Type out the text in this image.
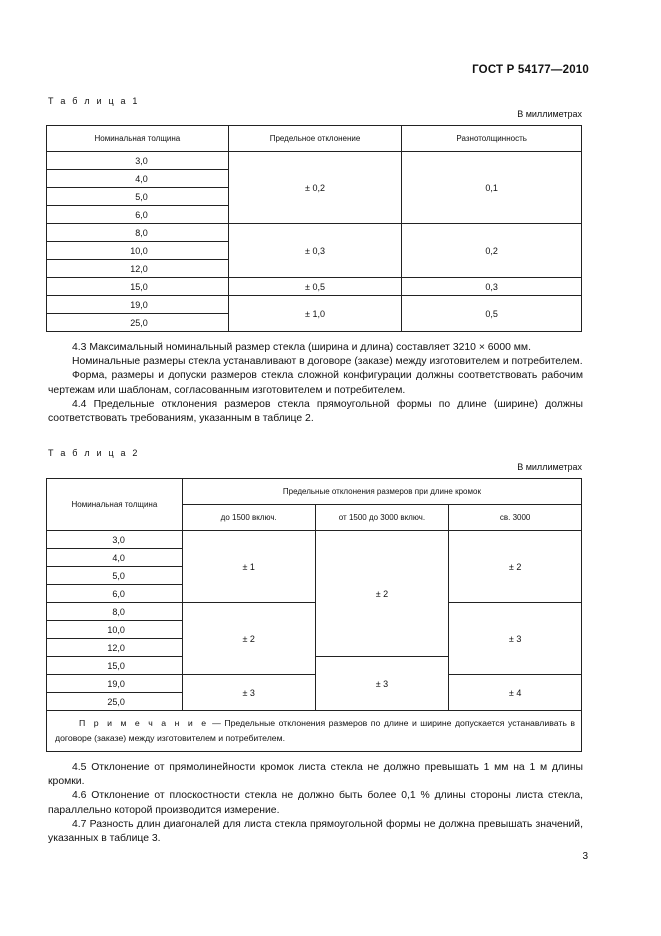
ГОСТ Р 54177—2010
Т а б л и ц а 1
В миллиметрах
Номинальная толщина	Предельное отклонение	Разнотолщинность
3,0	± 0,2	0,1
4,0		
5,0		
6,0		
8,0	± 0,3	0,2
10,0		
12,0		
15,0	± 0,5	0,3
19,0	± 1,0	0,5
25,0		

4.3 Максимальный номинальный размер стекла (ширина и длина) составляет 3210 × 6000 мм.

Номинальные размеры стекла устанавливают в договоре (заказе) между изготовителем и потребителем.

Форма, размеры и допуски размеров стекла сложной конфигурации должны соответствовать рабочим чертежам или шаблонам, согласованным изготовителем и потребителем.

4.4 Предельные отклонения размеров стекла прямоугольной формы по длине (ширине) должны соответствовать требованиям, указанным в таблице 2.

Т а б л и ц а 2
В миллиметрах
Номинальная толщина	Предельные отклонения размеров при длине кромок		
	до 1500 включ.	от 1500 до 3000 включ.	св. 3000
3,0	± 1	± 2	± 2
4,0			
5,0			
6,0			
8,0	± 2		± 3
10,0			
12,0			
15,0		± 3	
19,0	± 3		± 4
25,0			
П р и м е ч а н и е — Предельные отклонения размеров по длине и ширине допускается устанавливать в договоре (заказе) между изготовителем и потребителем.			

4.5 Отклонение от прямолинейности кромок листа стекла не должно превышать 1 мм на 1 м длины кромки.

4.6 Отклонение от плоскостности стекла не должно быть более 0,1 % длины стороны листа стекла, параллельно которой производится измерение.

4.7 Разность длин диагоналей для листа стекла прямоугольной формы не должна превышать значений, указанных в таблице 3.

3
